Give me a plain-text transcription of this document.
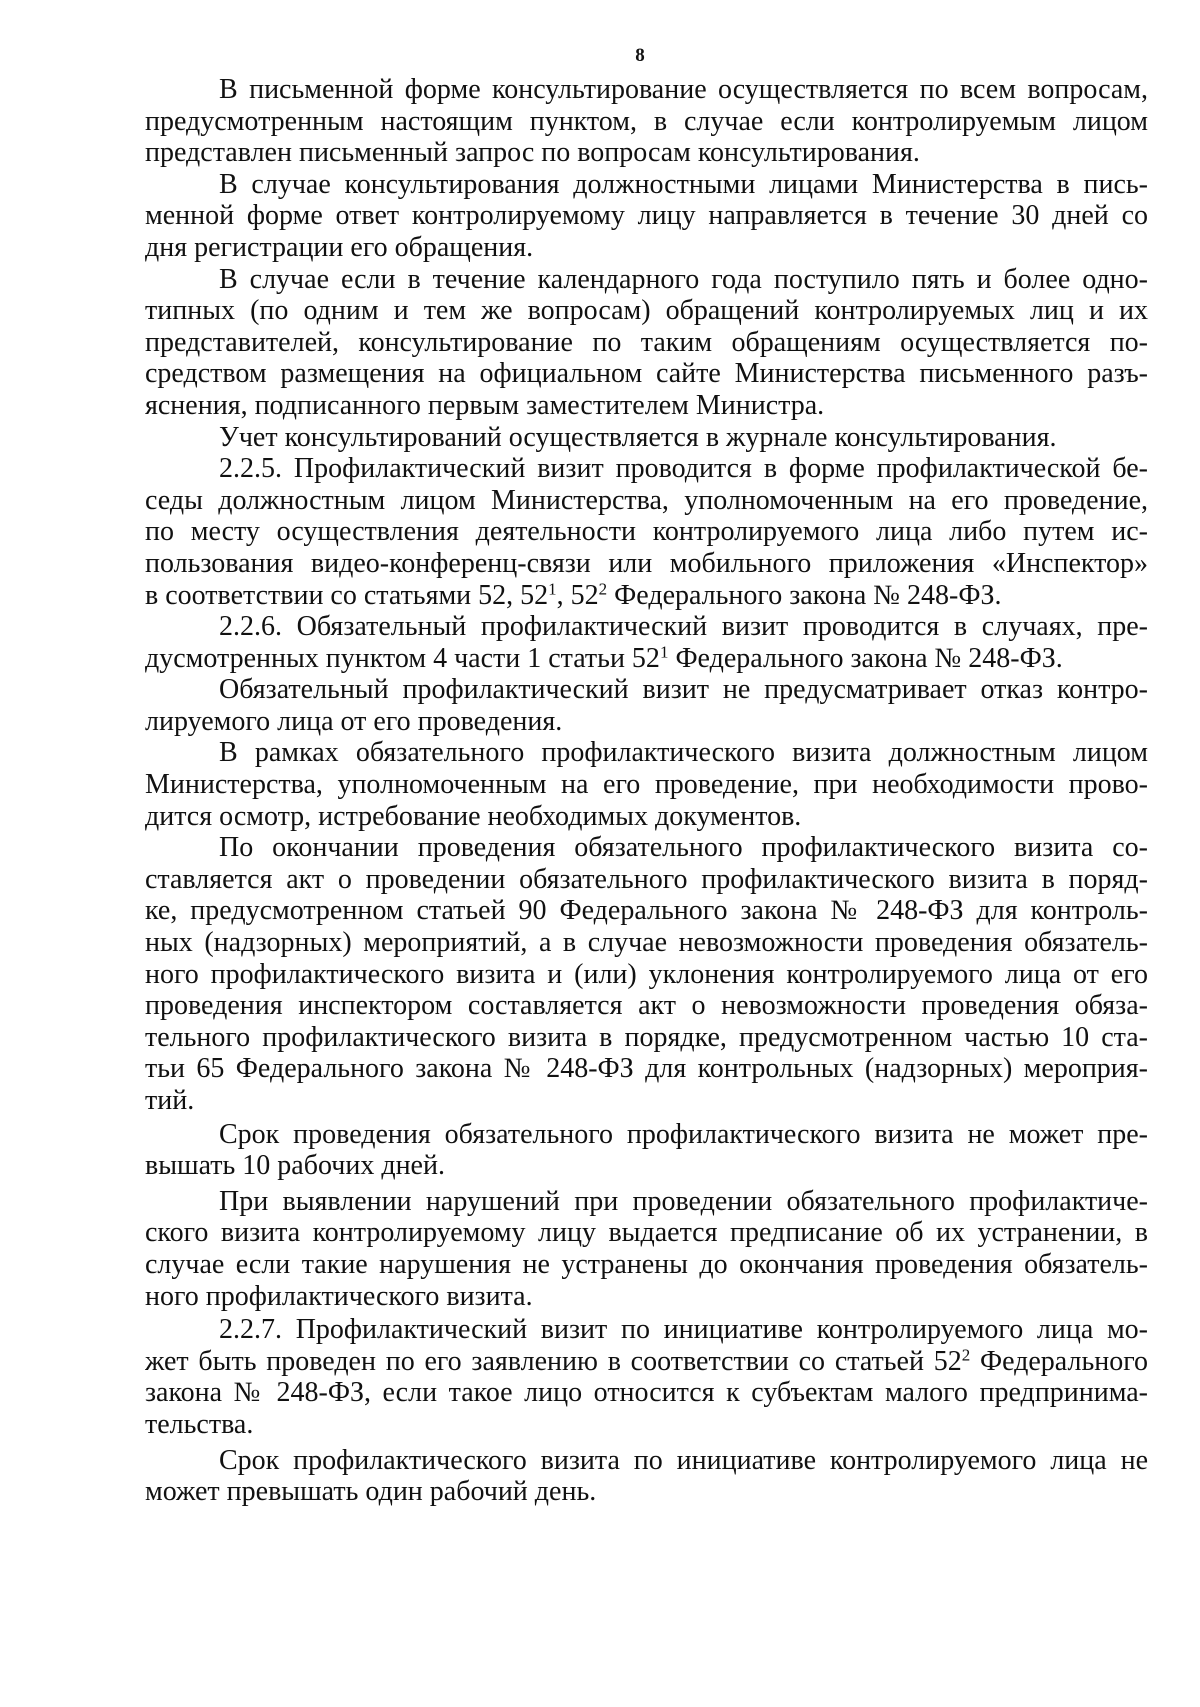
8
В письменной форме консультирование осуществляется по всем вопросам,
предусмотренным настоящим пунктом, в случае если контролируемым лицом
представлен письменный запрос по вопросам консультирования.
В случае консультирования должностными лицами Министерства в пись-
менной форме ответ контролируемому лицу направляется в течение 30 дней со
дня регистрации его обращения.
В случае если в течение календарного года поступило пять и более одно-
типных (по одним и тем же вопросам) обращений контролируемых лиц и их
представителей, консультирование по таким обращениям осуществляется по-
средством размещения на официальном сайте Министерства письменного разъ-
яснения, подписанного первым заместителем Министра.
Учет консультирований осуществляется в журнале консультирования.
2.2.5. Профилактический визит проводится в форме профилактической бе-
седы должностным лицом Министерства, уполномоченным на его проведение,
по месту осуществления деятельности контролируемого лица либо путем ис-
пользования видео-конференц-связи или мобильного приложения «Инспектор»
в соответствии со статьями 52, $52^1$, $52^2$ Федерального закона № 248-ФЗ.
2.2.6. Обязательный профилактический визит проводится в случаях, пре-
дусмотренных пунктом 4 части 1 статьи $52^1$ Федерального закона № 248-ФЗ.
Обязательный профилактический визит не предусматривает отказ контро-
лируемого лица от его проведения.
В рамках обязательного профилактического визита должностным лицом
Министерства, уполномоченным на его проведение, при необходимости прово-
дится осмотр, истребование необходимых документов.
По окончании проведения обязательного профилактического визита со-
ставляется акт о проведении обязательного профилактического визита в поряд-
ке, предусмотренном статьей 90 Федерального закона № 248-ФЗ для контроль-
ных (надзорных) мероприятий, а в случае невозможности проведения обязатель-
ного профилактического визита и (или) уклонения контролируемого лица от его
проведения инспектором составляется акт о невозможности проведения обяза-
тельного профилактического визита в порядке, предусмотренном частью 10 ста-
тьи 65 Федерального закона № 248-ФЗ для контрольных (надзорных) мероприя-
тий.
Срок проведения обязательного профилактического визита не может пре-
вышать 10 рабочих дней.
При выявлении нарушений при проведении обязательного профилактиче-
ского визита контролируемому лицу выдается предписание об их устранении, в
случае если такие нарушения не устранены до окончания проведения обязатель-
ного профилактического визита.
2.2.7. Профилактический визит по инициативе контролируемого лица мо-
жет быть проведен по его заявлению в соответствии со статьей $52^2$ Федерального
закона № 248-ФЗ, если такое лицо относится к субъектам малого предпринима-
тельства.
Срок профилактического визита по инициативе контролируемого лица не
может превышать один рабочий день.
